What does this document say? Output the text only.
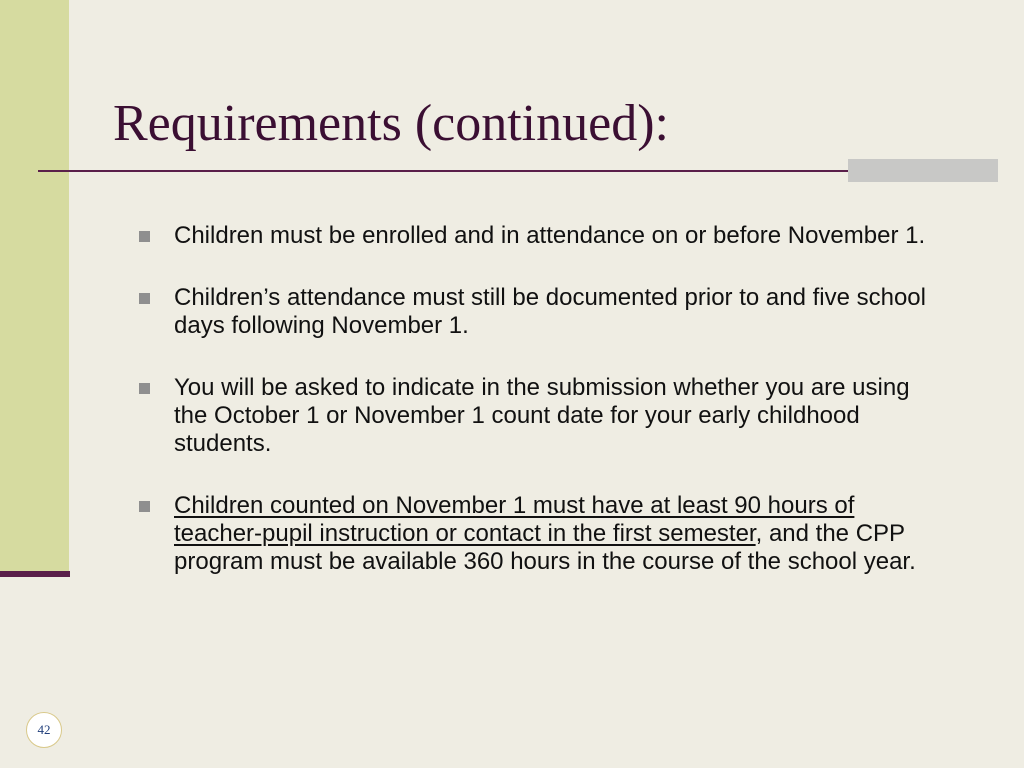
Requirements (continued):
Children must be enrolled and in attendance on or before November 1.
Children’s attendance must still be documented prior to and five school days following November 1.
You will be asked to indicate in the submission whether you are using the October 1 or November 1 count date for your early childhood students.
Children counted on November 1 must have at least 90 hours of teacher-pupil instruction or contact in the first semester, and the CPP program must be available 360 hours in the course of the school year.
42
